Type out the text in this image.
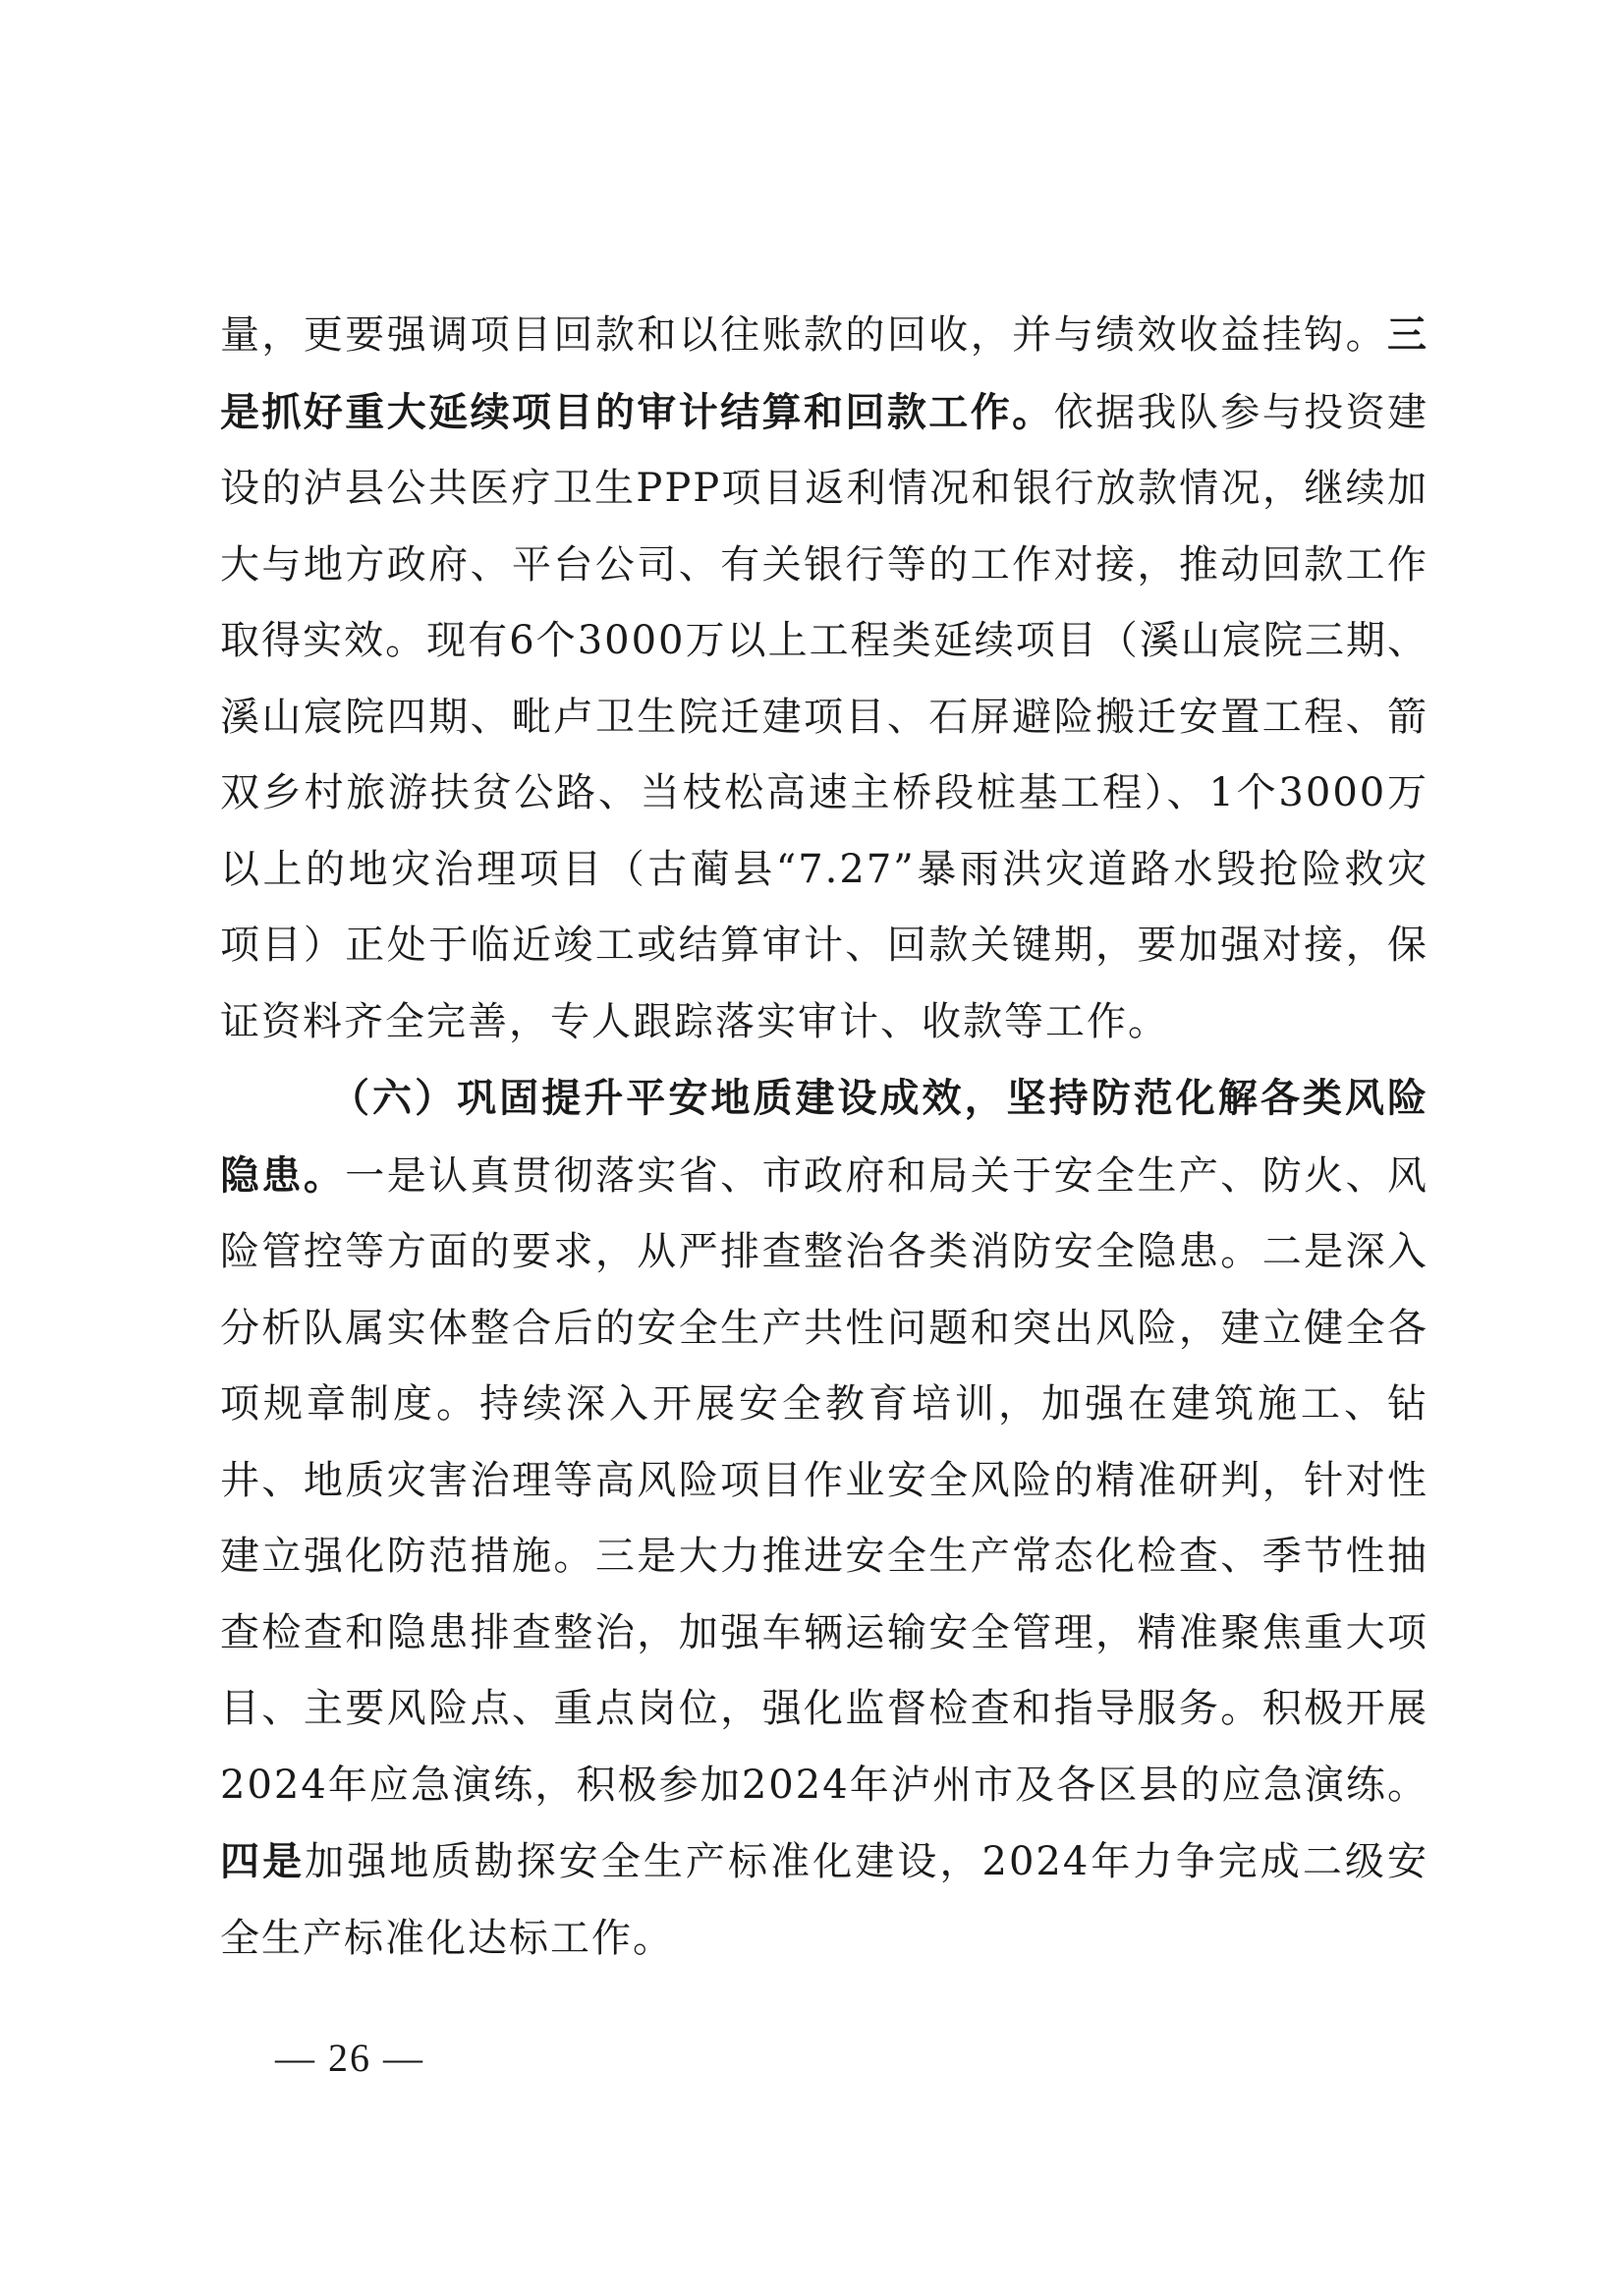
量，更要强调项目回款和以往账款的回收，并与绩效收益挂钩。三是抓好重大延续项目的审计结算和回款工作。依据我队参与投资建设的泸县公共医疗卫生PPP项目返利情况和银行放款情况，继续加大与地方政府、平台公司、有关银行等的工作对接，推动回款工作取得实效。现有6个3000万以上工程类延续项目（溪山宸院三期、溪山宸院四期、毗卢卫生院迁建项目、石屏避险搬迁安置工程、箭双乡村旅游扶贫公路、当枝松高速主桥段桩基工程）、1个3000万以上的地灾治理项目（古蔺县“7.27”暴雨洪灾道路水毁抢险救灾项目）正处于临近竣工或结算审计、回款关键期，要加强对接，保证资料齐全完善，专人跟踪落实审计、收款等工作。

（六）巩固提升平安地质建设成效，坚持防范化解各类风险隐患。一是认真贯彻落实省、市政府和局关于安全生产、防火、风险管控等方面的要求，从严排查整治各类消防安全隐患。二是深入分析队属实体整合后的安全生产共性问题和突出风险，建立健全各项规章制度。持续深入开展安全教育培训，加强在建筑施工、钻井、地质灾害治理等高风险项目作业安全风险的精准研判，针对性建立强化防范措施。三是大力推进安全生产常态化检查、季节性抽查检查和隐患排查整治，加强车辆运输安全管理，精准聚焦重大项目、主要风险点、重点岗位，强化监督检查和指导服务。积极开展2024年应急演练，积极参加2024年泸州市及各区县的应急演练。四是加强地质勘探安全生产标准化建设，2024年力争完成二级安全生产标准化达标工作。

— 26 —
